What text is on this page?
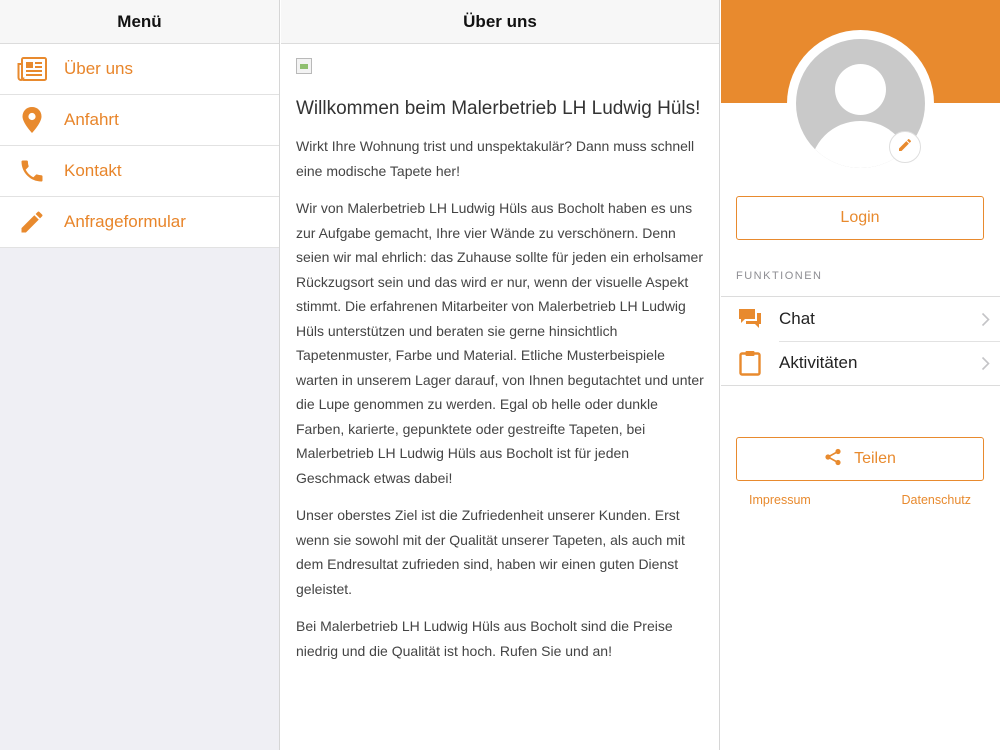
Menü
Über uns
Anfahrt
Kontakt
Anfrageformular
Über uns
Willkommen beim Malerbetrieb LH Ludwig Hüls!

Wirkt Ihre Wohnung trist und unspektakulär? Dann muss schnell eine modische Tapete her!

Wir von Malerbetrieb LH Ludwig Hüls aus Bocholt haben es uns zur Aufgabe gemacht, Ihre vier Wände zu verschönern. Denn seien wir mal ehrlich: das Zuhause sollte für jeden ein erholsamer Rückzugsort sein und das wird er nur, wenn der visuelle Aspekt stimmt. Die erfahrenen Mitarbeiter von Malerbetrieb LH Ludwig Hüls unterstützen und beraten sie gerne hinsichtlich Tapetenmuster, Farbe und Material. Etliche Musterbeispiele warten in unserem Lager darauf, von Ihnen begutachtet und unter die Lupe genommen zu werden. Egal ob helle oder dunkle Farben, karierte, gepunktete oder gestreifte Tapeten, bei Malerbetrieb LH Ludwig Hüls aus Bocholt ist für jeden Geschmack etwas dabei!

Unser oberstes Ziel ist die Zufriedenheit unserer Kunden. Erst wenn sie sowohl mit der Qualität unserer Tapeten, als auch mit dem Endresultat zufrieden sind, haben wir einen guten Dienst geleistet.

Bei Malerbetrieb LH Ludwig Hüls aus Bocholt sind die Preise niedrig und die Qualität ist hoch. Rufen Sie und an!

Login
FUNKTIONEN
Chat
Aktivitäten
Teilen
Impressum	Datenschutz
